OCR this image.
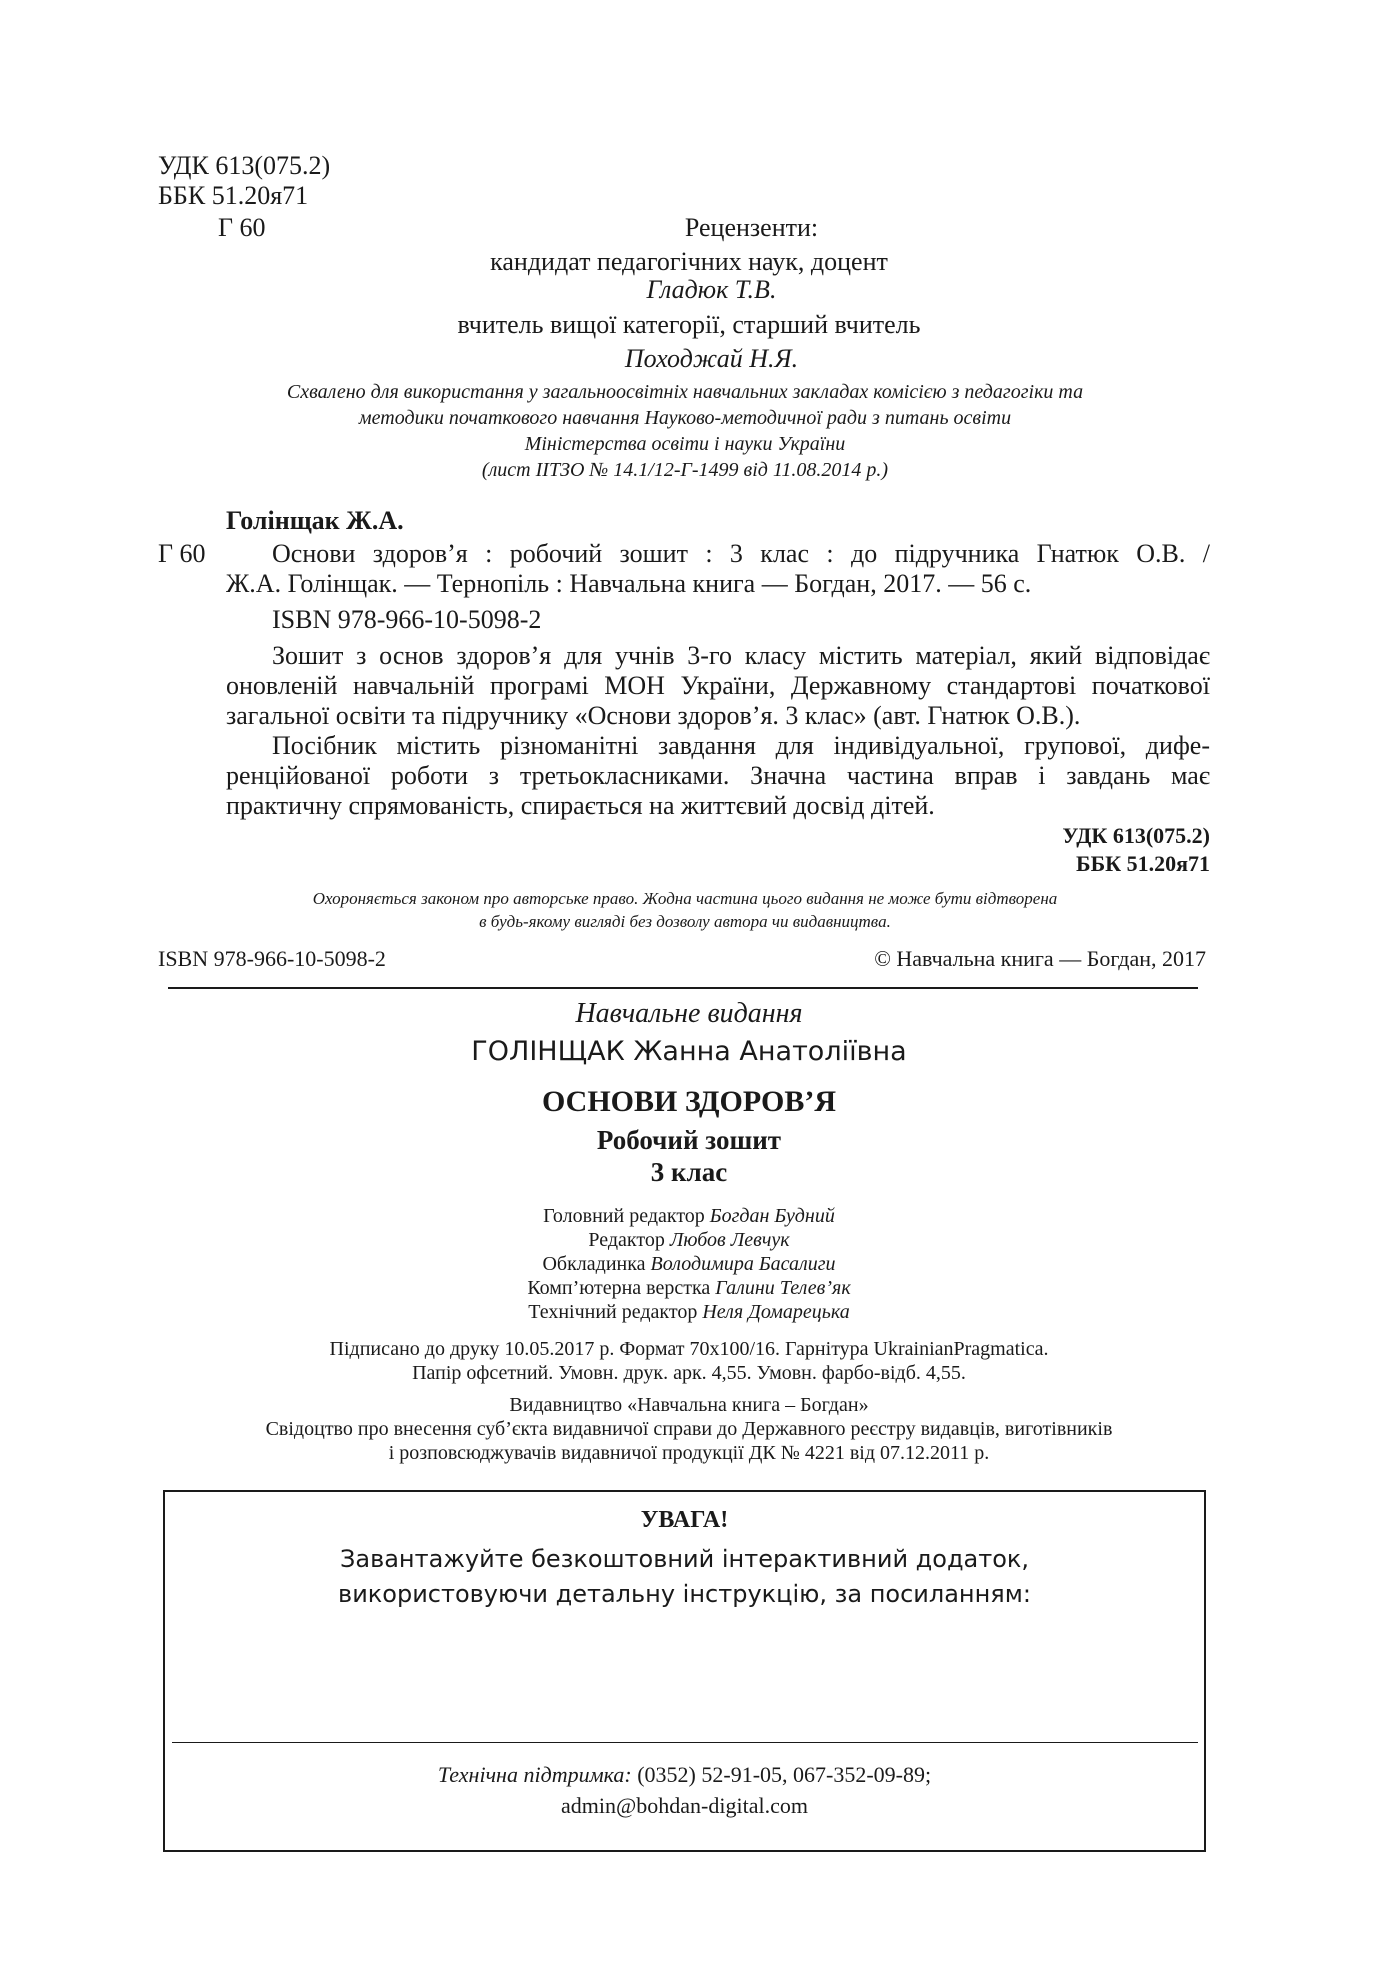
УДК 613(075.2)
ББК 51.20я71
Г 60	Рецензенти:
кандидат педагогічних наук, доцент
Гладюк Т.В.
вчитель вищої категорії, старший вчитель
Походжай Н.Я.
Схвалено для використання у загальноосвітніх навчальних закладах комісією з педагогіки та
методики початкового навчання Науково-методичної ради з питань освіти
Міністерства освіти і науки України
(лист ІІТЗО № 14.1/12-Г-1499 від 11.08.2014 р.)
Голінщак Ж.А.
Г 60	Основи здоров’я : робочий зошит : 3 клас : до підручника Гнатюк О.В. /
Ж.А. Голінщак. — Тернопіль : Навчальна книга — Богдан, 2017. — 56 с.
ISBN 978-966-10-5098-2
Зошит з основ здоров’я для учнів 3-го класу містить матеріал, який відповідає
оновленій навчальній програмі МОН України, Державному стандартові початкової
загальної освіти та підручнику «Основи здоров’я. 3 клас» (авт. Гнатюк О.В.).
Посібник містить різноманітні завдання для індивідуальної, групової, дифе-
ренційованої роботи з третьокласниками. Значна частина вправ і завдань має
практичну спрямованість, спирається на життєвий досвід дітей.
УДК 613(075.2)
ББК 51.20я71
Охороняється законом про авторське право. Жодна частина цього видання не може бути відтворена
в будь-якому вигляді без дозволу автора чи видавництва.
ISBN 978-966-10-5098-2	© Навчальна книга — Богдан, 2017
Навчальне видання
ГОЛІНЩАК Жанна Анатоліївна
ОСНОВИ ЗДОРОВ’Я
Робочий зошит
3 клас
Головний редактор Богдан Будний
Редактор Любов Левчук
Обкладинка Володимира Басалиги
Комп’ютерна верстка Галини Телев’як
Технічний редактор Неля Домарецька
Підписано до друку 10.05.2017 р. Формат 70x100/16. Гарнітура UkrainianPragmatica.
Папір офсетний. Умовн. друк. арк. 4,55. Умовн. фарбо-відб. 4,55.
Видавництво «Навчальна книга – Богдан»
Свідоцтво про внесення суб’єкта видавничої справи до Державного реєстру видавців, виготівників
і розповсюджувачів видавничої продукції ДК № 4221 від 07.12.2011 р.
УВАГА!
Завантажуйте безкоштовний інтерактивний додаток,
використовуючи детальну інструкцію, за посиланням:
Технічна підтримка: (0352) 52-91-05, 067-352-09-89;
admin@bohdan-digital.com
